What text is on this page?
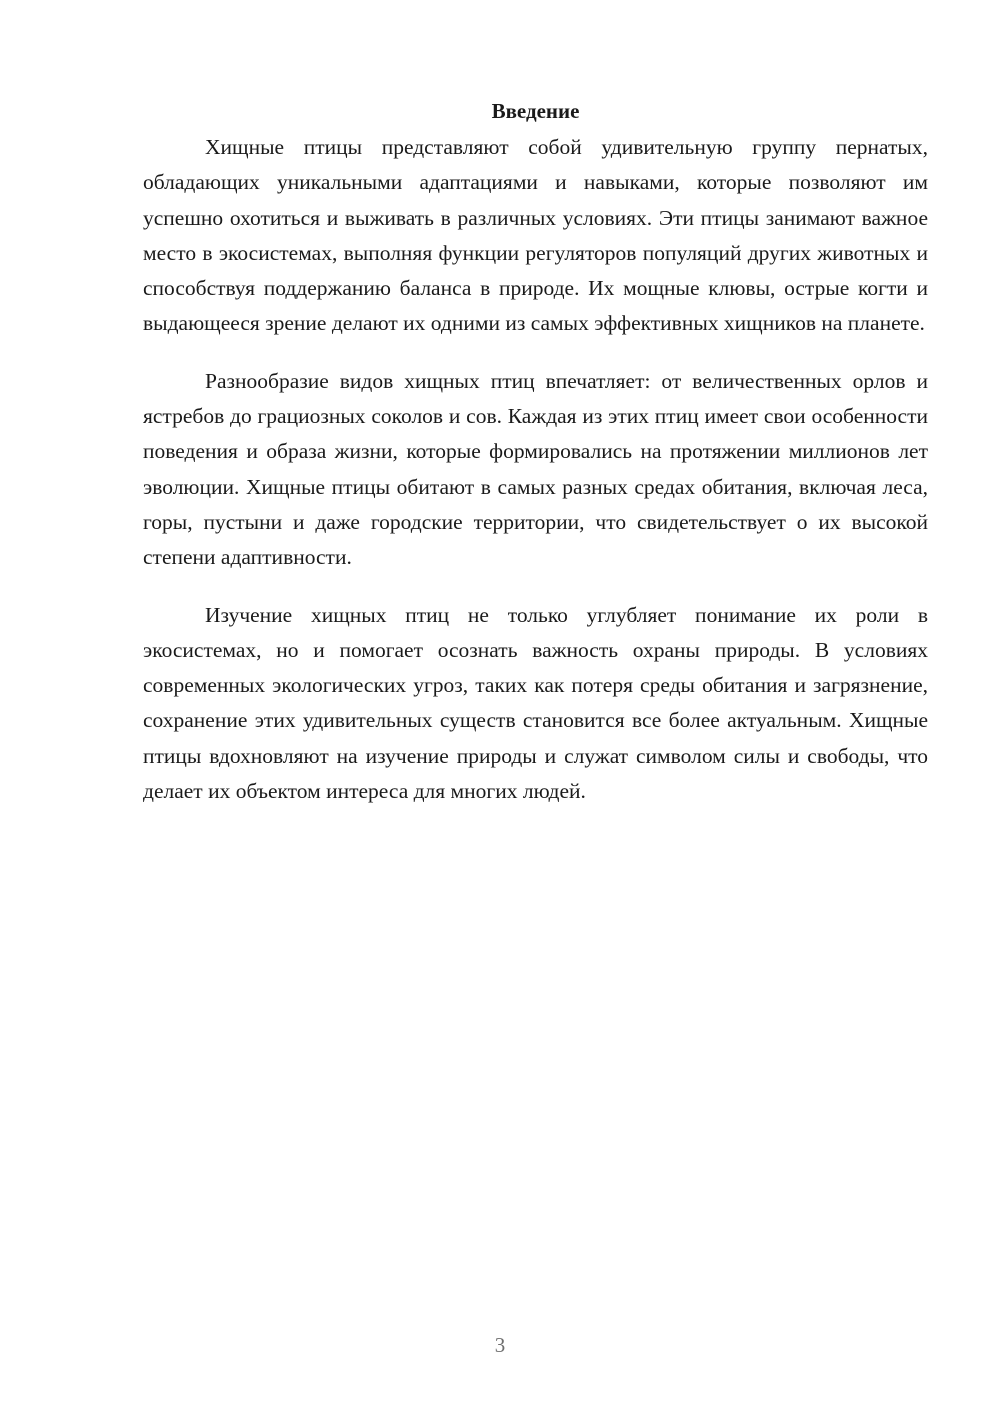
Введение

Хищные птицы представляют собой удивительную группу пернатых, обладающих уникальными адаптациями и навыками, которые позволяют им успешно охотиться и выживать в различных условиях. Эти птицы занимают важное место в экосистемах, выполняя функции регуляторов популяций других животных и способствуя поддержанию баланса в природе. Их мощные клювы, острые когти и выдающееся зрение делают их одними из самых эффективных хищников на планете.

Разнообразие видов хищных птиц впечатляет: от величественных орлов и ястребов до грациозных соколов и сов. Каждая из этих птиц имеет свои особенности поведения и образа жизни, которые формировались на протяжении миллионов лет эволюции. Хищные птицы обитают в самых разных средах обитания, включая леса, горы, пустыни и даже городские территории, что свидетельствует о их высокой степени адаптивности.

Изучение хищных птиц не только углубляет понимание их роли в экосистемах, но и помогает осознать важность охраны природы. В условиях современных экологических угроз, таких как потеря среды обитания и загрязнение, сохранение этих удивительных существ становится все более актуальным. Хищные птицы вдохновляют на изучение природы и служат символом силы и свободы, что делает их объектом интереса для многих людей.

3
